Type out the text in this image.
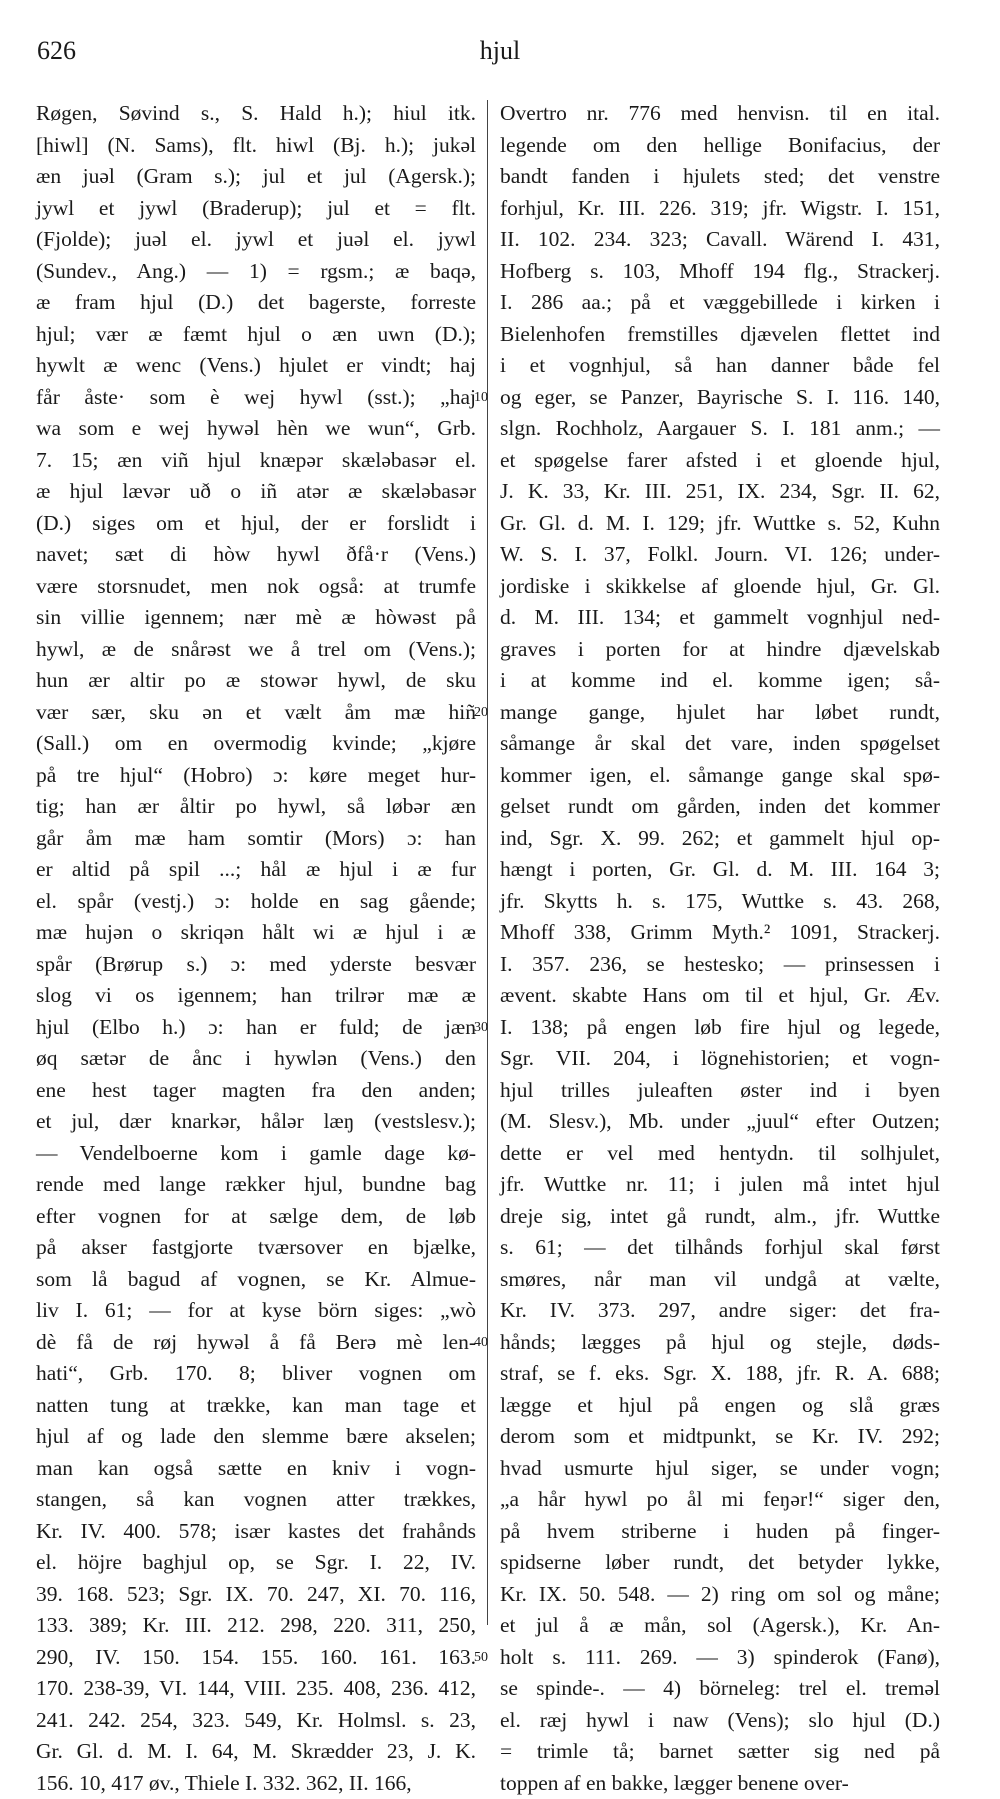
hjul
626
Røgen, Søvind s., S. Hald h.); hiul itk.
[hiwl] (N. Sams), flt. hiwl (Bj. h.); jukəl
æn juəl (Gram s.); jul et jul (Agersk.);
jywl et jywl (Braderup); jul et = flt.
(Fjolde); juəl el. jywl et juəl el. jywl
(Sundev., Ang.) — 1) = rgsm.; æ baqə,
æ fram hjul (D.) det bagerste, forreste
hjul; vær æ fæmt hjul o æn uwn (D.);
hywlt æ wenc (Vens.) hjulet er vindt; haj
får åste· som è wej hywl (sst.); „haj
wa som e wej hywəl hèn we wun“, Grb.
7. 15; æn viñ hjul knæpər skæləbasər el.
æ hjul lævər uð o iñ atər æ skæləbasər
(D.) siges om et hjul, der er forslidt i
navet; sæt di hòw hywl ðfå·r (Vens.)
være storsnudet, men nok også: at trumfe
sin villie igennem; nær mè æ hòwəst på
hywl, æ de snårəst we å trel om (Vens.);
hun ær altir po æ stowər hywl, de sku
vær sær, sku ən et vælt åm mæ hiñ
(Sall.) om en overmodig kvinde; „kjøre
på tre hjul“ (Hobro) ɔ: køre meget hur-
tig; han ær åltir po hywl, så løbər æn
går åm mæ ham somtir (Mors) ɔ: han
er altid på spil ...; hål æ hjul i æ fur
el. spår (vestj.) ɔ: holde en sag gående;
mæ hujən o skriqən hålt wi æ hjul i æ
spår (Brørup s.) ɔ: med yderste besvær
slog vi os igennem; han trilrər mæ æ
hjul (Elbo h.) ɔ: han er fuld; de jæn
øq sætər de ånc i hywlən (Vens.) den
ene hest tager magten fra den anden;
et jul, dær knarkər, hålər læŋ (vestslesv.);
— Vendelboerne kom i gamle dage kø-
rende med lange rækker hjul, bundne bag
efter vognen for at sælge dem, de løb
på akser fastgjorte tværsover en bjælke,
som lå bagud af vognen, se Kr. Almue-
liv I. 61; — for at kyse börn siges: „wò
dè få de røj hywəl å få Berə mè len-
hati“, Grb. 170. 8; bliver vognen om
natten tung at trække, kan man tage et
hjul af og lade den slemme bære akselen;
man kan også sætte en kniv i vogn-
stangen, så kan vognen atter trækkes,
Kr. IV. 400. 578; især kastes det frahånds
el. höjre baghjul op, se Sgr. I. 22, IV.
39. 168. 523; Sgr. IX. 70. 247, XI. 70. 116,
133. 389; Kr. III. 212. 298, 220. 311, 250,
290, IV. 150. 154. 155. 160. 161. 163.
170. 238-39, VI. 144, VIII. 235. 408, 236. 412,
241. 242. 254, 323. 549, Kr. Holmsl. s. 23,
Gr. Gl. d. M. I. 64, M. Skrædder 23, J. K.
156. 10, 417 øv., Thiele I. 332. 362, II. 166,
10
20
30
40
50
Overtro nr. 776 med henvisn. til en ital.
legende om den hellige Bonifacius, der
bandt fanden i hjulets sted; det venstre
forhjul, Kr. III. 226. 319; jfr. Wigstr. I. 151,
II. 102. 234. 323; Cavall. Wärend I. 431,
Hofberg s. 103, Mhoff 194 flg., Strackerj.
I. 286 aa.; på et væggebillede i kirken i
Bielenhofen fremstilles djævelen flettet ind
i et vognhjul, så han danner både fel
og eger, se Panzer, Bayrische S. I. 116. 140,
slgn. Rochholz, Aargauer S. I. 181 anm.; —
et spøgelse farer afsted i et gloende hjul,
J. K. 33, Kr. III. 251, IX. 234, Sgr. II. 62,
Gr. Gl. d. M. I. 129; jfr. Wuttke s. 52, Kuhn
W. S. I. 37, Folkl. Journ. VI. 126; under-
jordiske i skikkelse af gloende hjul, Gr. Gl.
d. M. III. 134; et gammelt vognhjul ned-
graves i porten for at hindre djævelskab
i at komme ind el. komme igen; så-
mange gange, hjulet har løbet rundt,
såmange år skal det vare, inden spøgelset
kommer igen, el. såmange gange skal spø-
gelset rundt om gården, inden det kommer
ind, Sgr. X. 99. 262; et gammelt hjul op-
hængt i porten, Gr. Gl. d. M. III. 164 3;
jfr. Skytts h. s. 175, Wuttke s. 43. 268,
Mhoff 338, Grimm Myth.² 1091, Strackerj.
I. 357. 236, se hestesko; — prinsessen i
ævent. skabte Hans om til et hjul, Gr. Æv.
I. 138; på engen løb fire hjul og legede,
Sgr. VII. 204, i lögnehistorien; et vogn-
hjul trilles juleaften øster ind i byen
(M. Slesv.), Mb. under „juul“ efter Outzen;
dette er vel med hentydn. til solhjulet,
jfr. Wuttke nr. 11; i julen må intet hjul
dreje sig, intet gå rundt, alm., jfr. Wuttke
s. 61; — det tilhånds forhjul skal først
smøres, når man vil undgå at vælte,
Kr. IV. 373. 297, andre siger: det fra-
hånds; lægges på hjul og stejle, døds-
straf, se f. eks. Sgr. X. 188, jfr. R. A. 688;
lægge et hjul på engen og slå græs
derom som et midtpunkt, se Kr. IV. 292;
hvad usmurte hjul siger, se under vogn;
„a hår hywl po ål mi feŋər!“ siger den,
på hvem striberne i huden på finger-
spidserne løber rundt, det betyder lykke,
Kr. IX. 50. 548. — 2) ring om sol og måne;
et jul å æ mån, sol (Agersk.), Kr. An-
holt s. 111. 269. — 3) spinderok (Fanø),
se spinde-. — 4) börneleg: trel el. treməl
el. ræj hywl i naw (Vens); slo hjul (D.)
= trimle tå; barnet sætter sig ned på
toppen af en bakke, lægger benene over-
